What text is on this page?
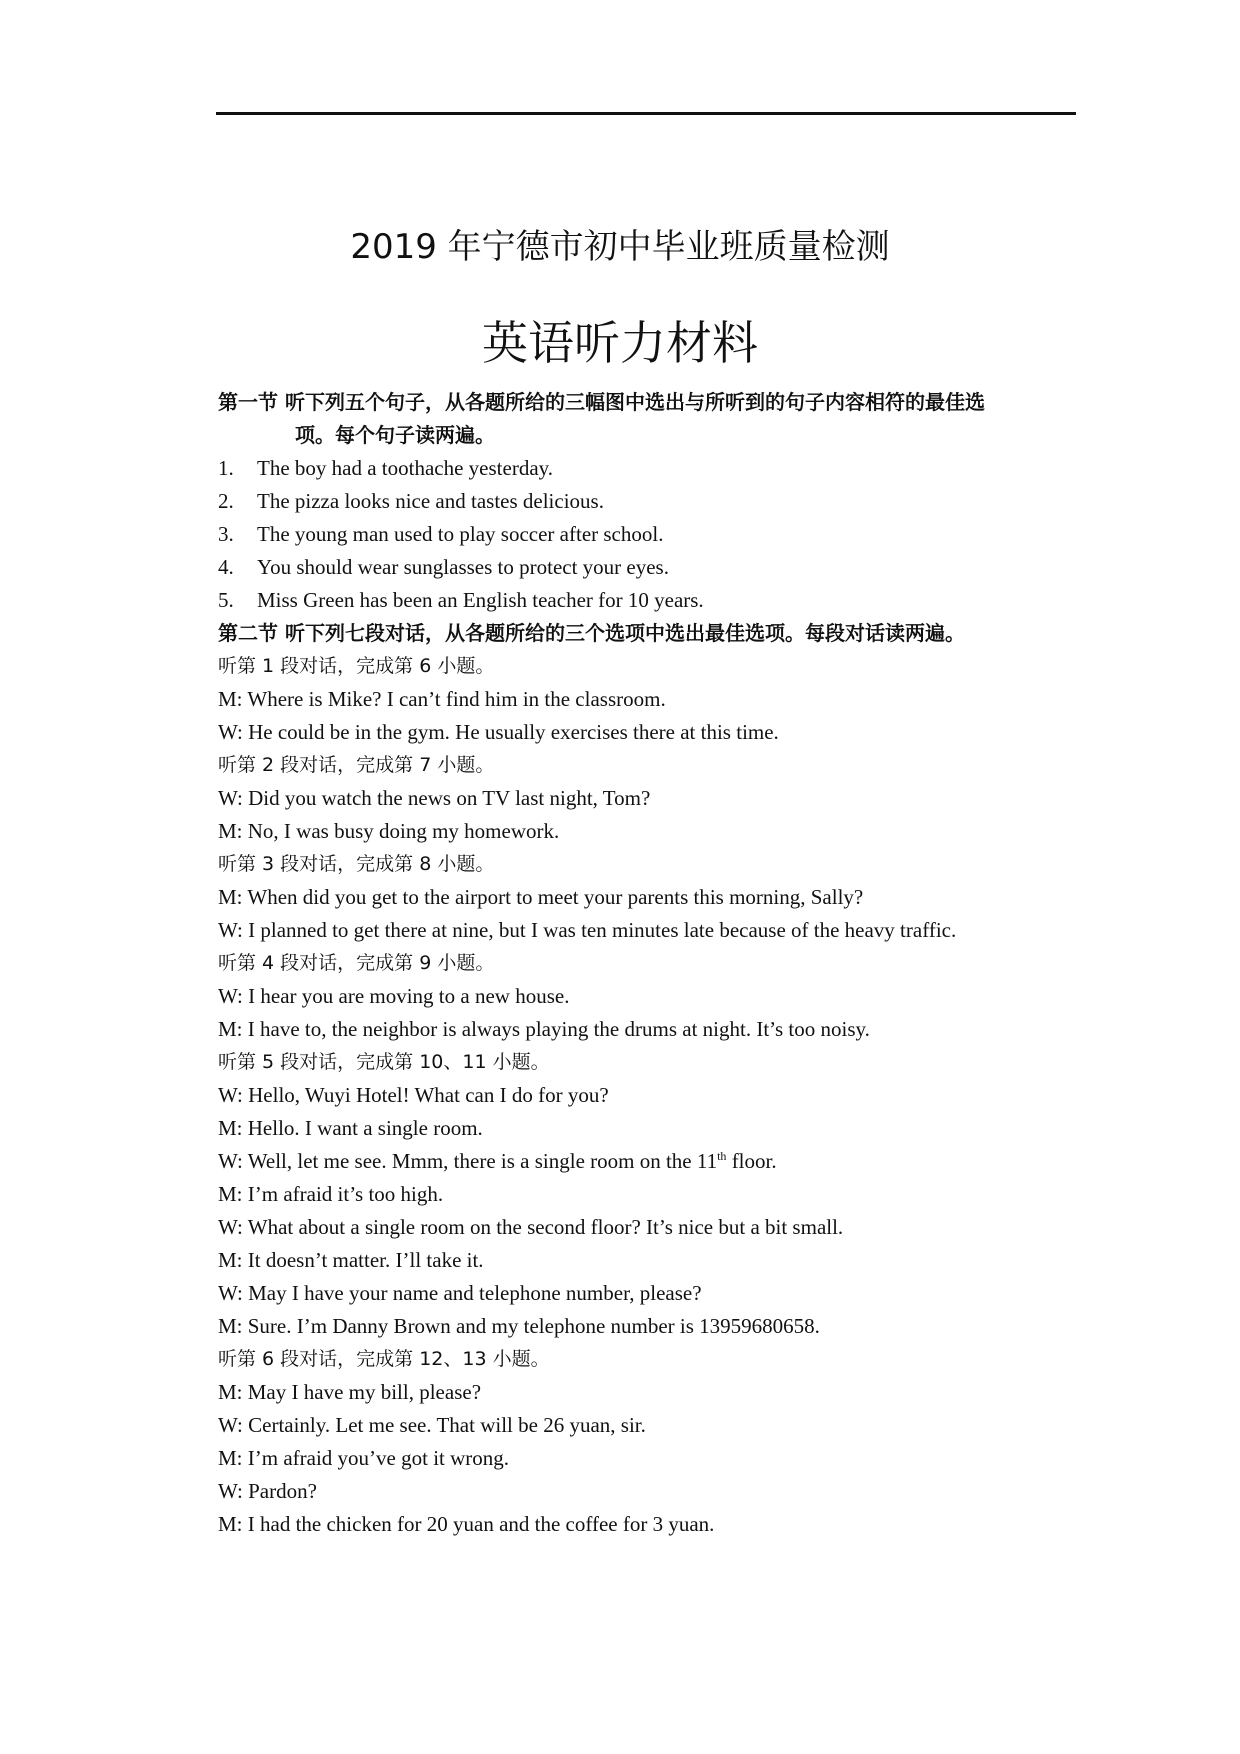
2019 年宁德市初中毕业班质量检测
英语听力材料
第一节 听下列五个句子，从各题所给的三幅图中选出与所听到的句子内容相符的最佳选
项。每个句子读两遍。
1. The boy had a toothache yesterday.
2. The pizza looks nice and tastes delicious.
3. The young man used to play soccer after school.
4. You should wear sunglasses to protect your eyes.
5. Miss Green has been an English teacher for 10 years.
第二节 听下列七段对话，从各题所给的三个选项中选出最佳选项。每段对话读两遍。
听第 1 段对话，完成第 6 小题。
M: Where is Mike? I can’t find him in the classroom.
W: He could be in the gym. He usually exercises there at this time.
听第 2 段对话，完成第 7 小题。
W: Did you watch the news on TV last night, Tom?
M: No, I was busy doing my homework.
听第 3 段对话，完成第 8 小题。
M: When did you get to the airport to meet your parents this morning, Sally?
W: I planned to get there at nine, but I was ten minutes late because of the heavy traffic.
听第 4 段对话，完成第 9 小题。
W: I hear you are moving to a new house.
M: I have to, the neighbor is always playing the drums at night. It’s too noisy.
听第 5 段对话，完成第 10、11 小题。
W: Hello, Wuyi Hotel! What can I do for you?
M: Hello. I want a single room.
W: Well, let me see. Mmm, there is a single room on the 11th floor.
M: I’m afraid it’s too high.
W: What about a single room on the second floor? It’s nice but a bit small.
M: It doesn’t matter. I’ll take it.
W: May I have your name and telephone number, please?
M: Sure. I’m Danny Brown and my telephone number is 13959680658.
听第 6 段对话，完成第 12、13 小题。
M: May I have my bill, please?
W: Certainly. Let me see. That will be 26 yuan, sir.
M: I’m afraid you’ve got it wrong.
W: Pardon?
M: I had the chicken for 20 yuan and the coffee for 3 yuan.
